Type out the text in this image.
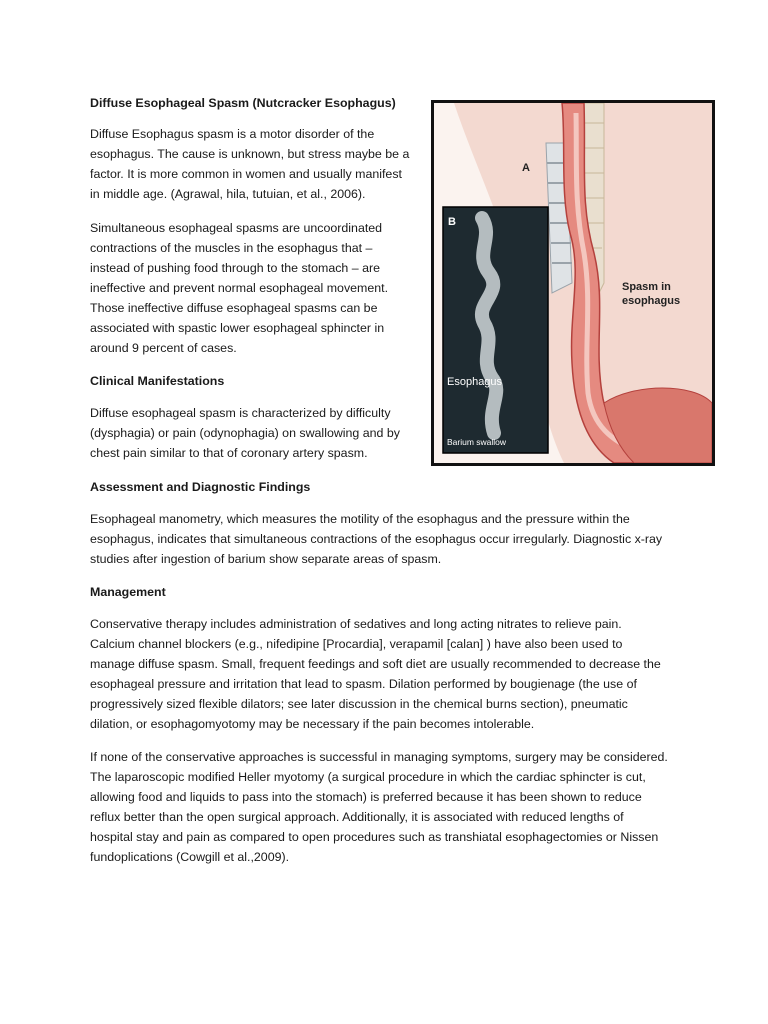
Diffuse Esophageal Spasm (Nutcracker Esophagus)

Diffuse Esophagus spasm is a motor disorder of the
esophagus. The cause is unknown, but stress maybe be a
factor. It is more common in women and usually manifest
in middle age. (Agrawal, hila, tutuian, et al., 2006).

Simultaneous esophageal spasms are uncoordinated
contractions of the muscles in the esophagus that –
instead of pushing food through to the stomach – are
ineffective and prevent normal esophageal movement.
Those ineffective diffuse esophageal spasms can be
associated with spastic lower esophageal sphincter in
around 9 percent of cases.

Clinical Manifestations

Diffuse esophageal spasm is characterized by difficulty
(dysphagia) or pain (odynophagia) on swallowing and by
chest pain similar to that of coronary artery spasm.

Assessment and Diagnostic Findings

Esophageal manometry, which measures the motility of the esophagus and the pressure within the
esophagus, indicates that simultaneous contractions of the esophagus occur irregularly. Diagnostic x-ray
studies after ingestion of barium show separate areas of spasm.

Management

Conservative therapy includes administration of sedatives and long acting nitrates to relieve pain.
Calcium channel blockers (e.g., nifedipine [Procardia], verapamil [calan] ) have also been used to
manage diffuse spasm. Small, frequent feedings and soft diet are usually recommended to decrease the
esophageal pressure and irritation that lead to spasm. Dilation performed by bougienage (the use of
progressively sized flexible dilators; see later discussion in the chemical burns section), pneumatic
dilation, or esophagomyotomy may be necessary if the pain becomes intolerable.

If none of the conservative approaches is successful in managing symptoms, surgery may be considered.
The laparoscopic modified Heller myotomy (a surgical procedure in which the cardiac sphincter is cut,
allowing food and liquids to pass into the stomach) is preferred because it has been shown to reduce
reflux better than the open surgical approach. Additionally, it is associated with reduced lengths of
hospital stay and pain as compared to open procedures such as transhiatal esophagectomies or Nissen
fundoplications (Cowgill et al.,2009).

A
Spasm in
esophagus
B
Esophagus
Barium swallow
